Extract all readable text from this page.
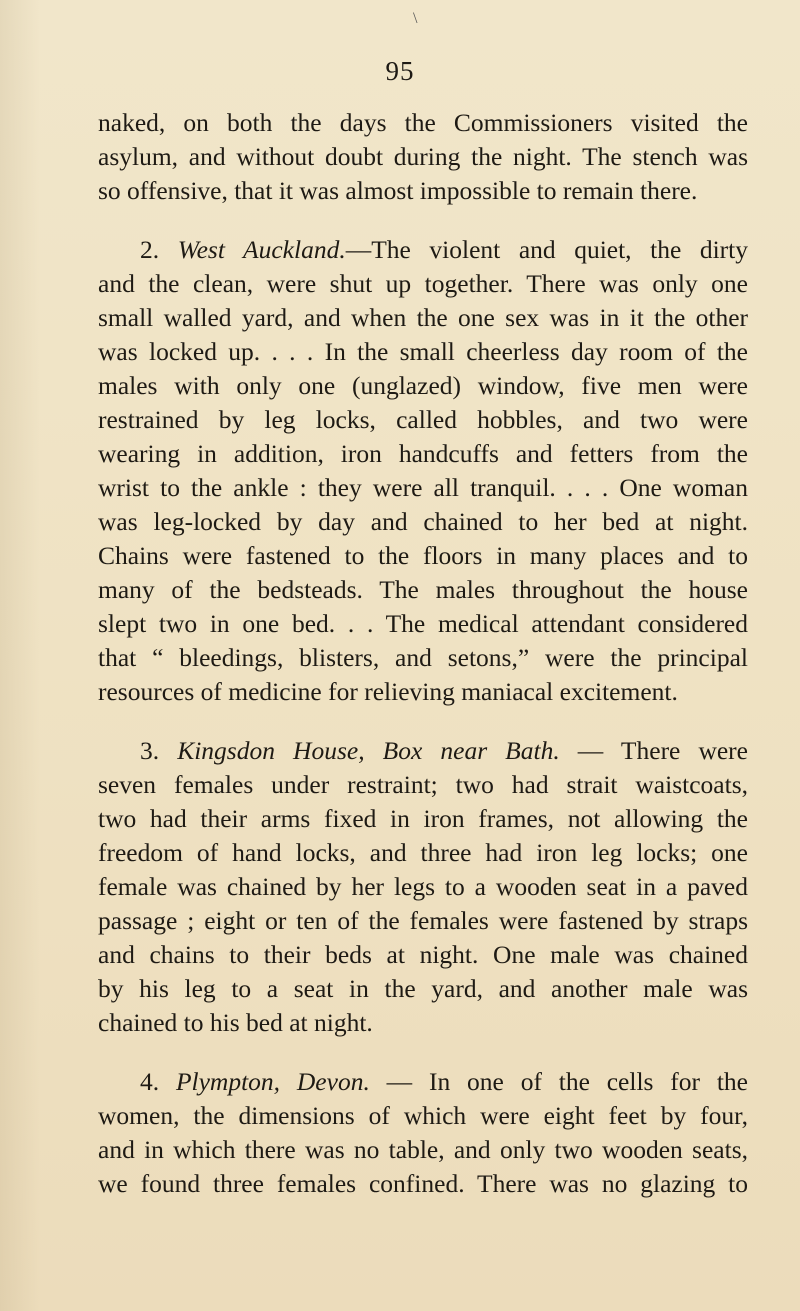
\
95
naked, on both the days the Commissioners visited the
asylum, and without doubt during the night. The stench was
so offensive, that it was almost impossible to remain there.
2. West Auckland.—The violent and quiet, the dirty
and the clean, were shut up together. There was only one
small walled yard, and when the one sex was in it the other
was locked up. . . . In the small cheerless day room of the
males with only one (unglazed) window, five men were
restrained by leg locks, called hobbles, and two were
wearing in addition, iron handcuffs and fetters from the
wrist to the ankle : they were all tranquil. . . . One woman
was leg-locked by day and chained to her bed at night.
Chains were fastened to the floors in many places and to
many of the bedsteads. The males throughout the house
slept two in one bed. . . The medical attendant considered
that “ bleedings, blisters, and setons,” were the principal
resources of medicine for relieving maniacal excitement.
3. Kingsdon House, Box near Bath. — There were
seven females under restraint; two had strait waistcoats,
two had their arms fixed in iron frames, not allowing the
freedom of hand locks, and three had iron leg locks; one
female was chained by her legs to a wooden seat in a paved
passage ; eight or ten of the females were fastened by straps
and chains to their beds at night. One male was chained
by his leg to a seat in the yard, and another male was
chained to his bed at night.
4. Plympton, Devon. — In one of the cells for the
women, the dimensions of which were eight feet by four,
and in which there was no table, and only two wooden seats,
we found three females confined. There was no glazing to
